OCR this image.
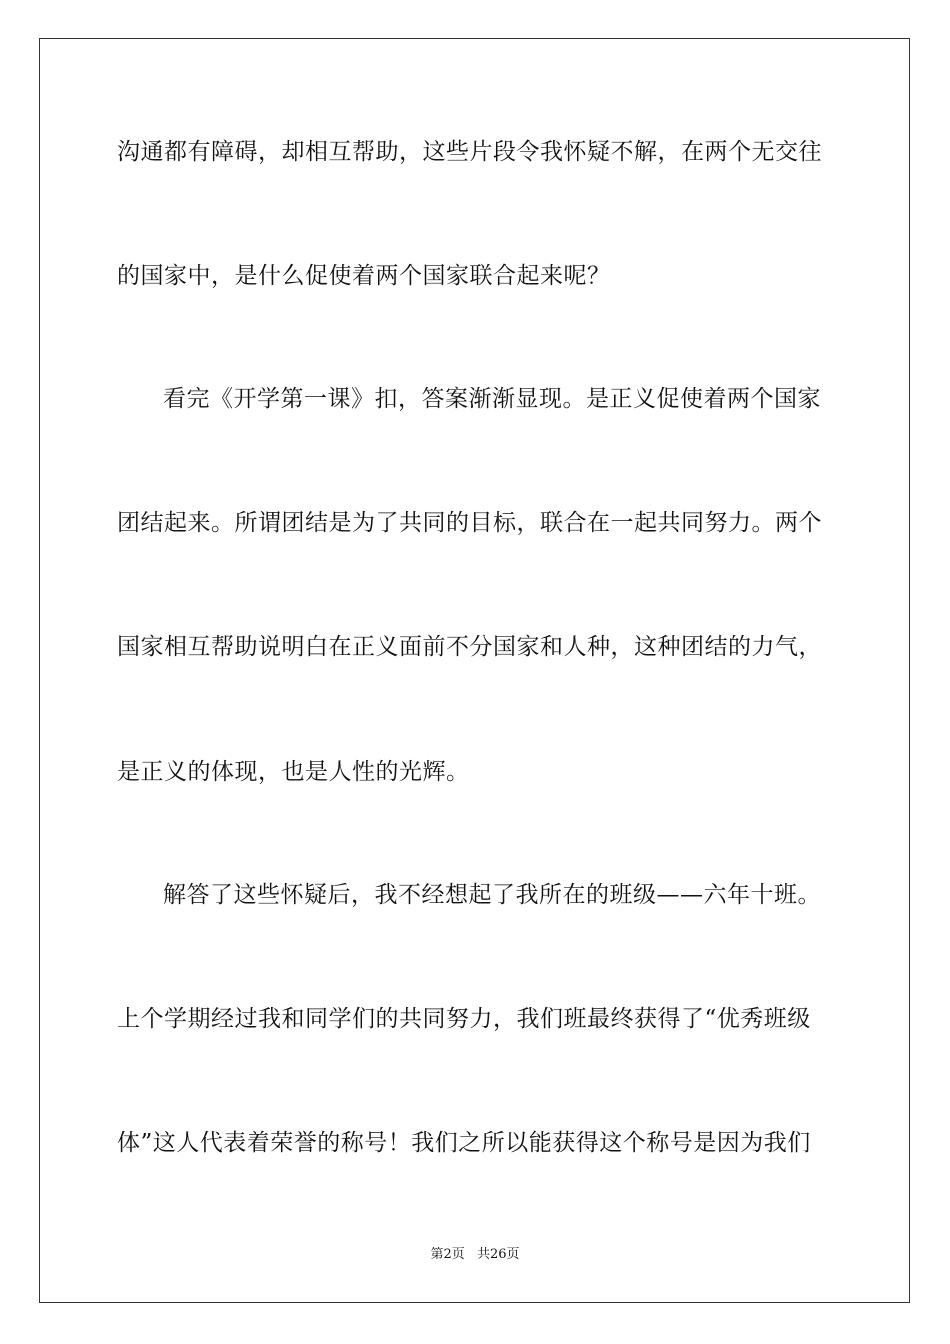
沟通都有障碍，却相互帮助，这些片段令我怀疑不解，在两个无交往
的国家中，是什么促使着两个国家联合起来呢？
看完《开学第一课》扣，答案渐渐显现。是正义促使着两个国家
团结起来。所谓团结是为了共同的目标，联合在一起共同努力。两个
国家相互帮助说明白在正义面前不分国家和人种，这种团结的力气，
是正义的体现，也是人性的光辉。
解答了这些怀疑后，我不经想起了我所在的班级——六年十班。
上个学期经过我和同学们的共同努力，我们班最终获得了“优秀班级
体”这人代表着荣誉的称号！我们之所以能获得这个称号是因为我们
第2页 共26页
